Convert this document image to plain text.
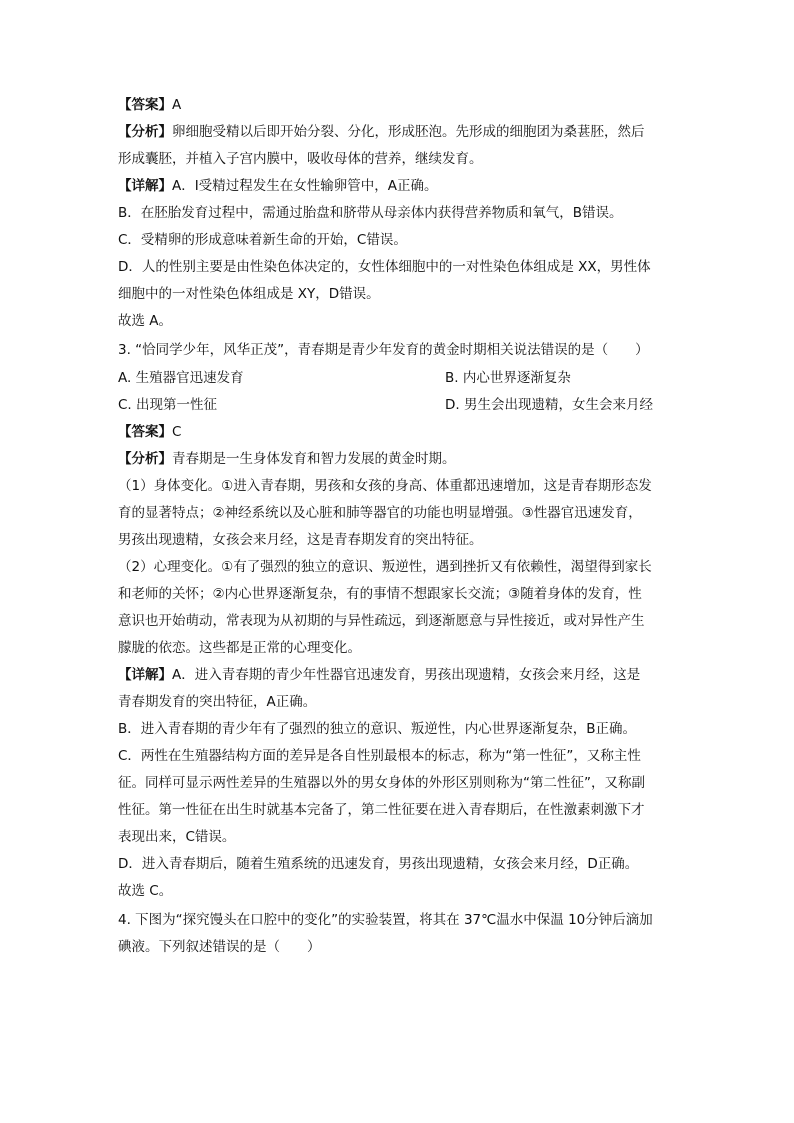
【答案】A
【分析】卵细胞受精以后即开始分裂、分化，形成胚泡。先形成的细胞团为桑葚胚，然后
形成囊胚，并植入子宫内膜中，吸收母体的营养，继续发育。
【详解】A．I受精过程发生在女性输卵管中，A正确。
B．在胚胎发育过程中，需通过胎盘和脐带从母亲体内获得营养物质和氧气，B错误。
C．受精卵的形成意味着新生命的开始，C错误。
D．人的性别主要是由性染色体决定的，女性体细胞中的一对性染色体组成是 XX，男性体
细胞中的一对性染色体组成是 XY，D错误。
故选 A。
3. “恰同学少年，风华正茂”，青春期是青少年发育的黄金时期相关说法错误的是（　　）
A. 生殖器官迅速发育	B. 内心世界逐渐复杂
C. 出现第一性征	D. 男生会出现遗精，女生会来月经
【答案】C
【分析】青春期是一生身体发育和智力发展的黄金时期。
（1）身体变化。①进入青春期，男孩和女孩的身高、体重都迅速增加，这是青春期形态发
育的显著特点；②神经系统以及心脏和肺等器官的功能也明显增强。③性器官迅速发育，
男孩出现遗精，女孩会来月经，这是青春期发育的突出特征。
（2）心理变化。①有了强烈的独立的意识、叛逆性，遇到挫折又有依赖性，渴望得到家长
和老师的关怀；②内心世界逐渐复杂，有的事情不想跟家长交流；③随着身体的发育，性
意识也开始萌动，常表现为从初期的与异性疏远，到逐渐愿意与异性接近，或对异性产生
朦胧的依恋。这些都是正常的心理变化。
【详解】A．进入青春期的青少年性器官迅速发育，男孩出现遗精，女孩会来月经，这是
青春期发育的突出特征，A正确。
B．进入青春期的青少年有了强烈的独立的意识、叛逆性，内心世界逐渐复杂，B正确。
C．两性在生殖器结构方面的差异是各自性别最根本的标志，称为“第一性征”，又称主性
征。同样可显示两性差异的生殖器以外的男女身体的外形区别则称为“第二性征”，又称副
性征。第一性征在出生时就基本完备了，第二性征要在进入青春期后，在性激素刺激下才
表现出来，C错误。
D．进入青春期后，随着生殖系统的迅速发育，男孩出现遗精，女孩会来月经，D正确。
故选 C。
4. 下图为“探究馒头在口腔中的变化”的实验装置，将其在 37℃温水中保温 10分钟后滴加
碘液。下列叙述错误的是（　　）
